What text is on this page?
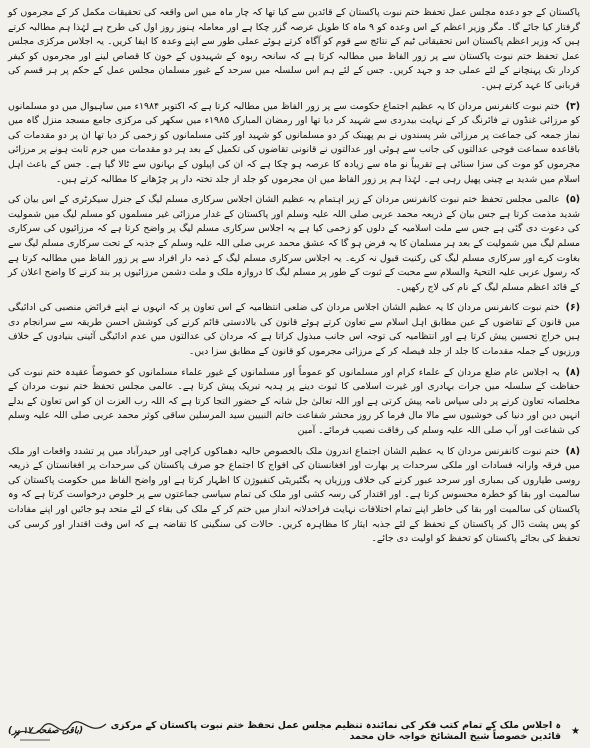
پاکستان کے جو دعدہ مجلس عمل تحفظ ختم نبوت پاکستان کے قائدین سے کیا تھا کہ چار ماہ میں اس واقعہ کی تحقیقات مکمل کر کے مجرموں کو گرفتار کیا جائے گا۔ مگر وزیر اعظم کے اس وعدہ کو ۹ ماہ کا طویل عرصہ گزر چکا ہے اور معاملہ ہنوز روز اول کی طرح ہے لہٰذا ہم مطالبہ کرتے ہیں کہ وزیر اعظم پاکستان اس تحقیقاتی ٹیم کے نتائج سے قوم کو آگاہ کرتے ہوئے عملی طور سے اپنے وعدہ کا ایفا کریں۔ یہ اجلاس مرکزی مجلس عمل تحفظ ختم نبوت پاکستان سے پر زور الفاظ میں مطالبہ کرتا ہے کہ سانحہ ربوہ کے شہیدوں کے خون کا قصاص لینے اور مجرموں کو کیفر کردار تک پہنچانے کے لئے عملی جد و جہد کریں۔ جس کے لئے ہم اس سلسلہ میں سرحد کے غیور مسلمان مجلس عمل کے حکم پر ہر قسم کی قربانی کا عہد کرتے ہیں۔

(۳)ختم نبوت کانفرنس مردان کا یہ عظیم اجتماع حکومت سے پر زور الفاظ میں مطالبہ کرتا ہے کہ اکتوبر ۱۹۸۴ء میں ساہیوال میں دو مسلمانوں کو مرزائی غنڈوں نے فائرنگ کر کے نہایت بیدردی سے شہید کر دیا تھا اور رمضان المبارک ۱۹۸۵ء میں سکھر کی مرکزی جامع مسجد منزل گاہ میں نماز جمعہ کی جماعت پر مرزائی شر پسندوں نے بم پھینک کر دو مسلمانوں کو شہید اور کئی مسلمانوں کو زخمی کر دیا تھا ان پر دو مقدمات کی باقاعدہ سماعت فوجی عدالتوں کی جانب سے ہوئی اور عدالتوں نے قانونی تقاضوں کی تکمیل کے بعد ہر دو مقدمات میں جرم ثابت ہونے پر مرزائی مجرموں کو موت کی سزا سنائی ہے تقریباً نو ماہ سے زیادہ کا عرصہ ہو چکا ہے کہ ان کی اپیلوں کے بہانوں سے ٹالا گیا ہے۔ جس کے باعث اہل اسلام میں شدید بے چینی پھیل رہی ہے۔ لہٰذا ہم پر زور الفاظ میں ان مجرموں کو جلد از جلد تختہ دار پر چڑھانے کا مطالبہ کرتے ہیں۔

(۵)عالمی مجلس تحفظ ختم نبوت کانفرنس مردان کے زیر اہتمام یہ عظیم الشان اجلاس سرکاری مسلم لیگ کے جنرل سیکرٹری کے اس بیان کی شدید مذمت کرتا ہے جس بیان کے ذریعہ محمد عربی صلی اللہ علیہ وسلم اور پاکستان کے غدار مرزائی غیر مسلموں کو مسلم لیگ میں شمولیت کی دعوت دی گئی ہے جس سے ملت اسلامیہ کے دلوں کو زخمی کیا ہے یہ اجلاس سرکاری مسلم لیگ پر واضح کرتا ہے کہ مرزائیوں کی سرکاری مسلم لیگ میں شمولیت کے بعد ہر مسلمان کا یہ فرض ہو گا کہ عشق محمد عربی صلی اللہ علیہ وسلم کے جذبہ کے تحت سرکاری مسلم لیگ سے بغاوت کرے اور سرکاری مسلم لیگ کی رکنیت قبول نہ کرے۔ یہ اجلاس سرکاری مسلم لیگ کے ذمہ دار افراد سے پر زور الفاظ میں مطالبہ کرتا ہے کہ رسول عربی علیہ التحیۃ والسلام سے محبت کے ثبوت کے طور پر مسلم لیگ کا دروازہ ملک و ملت دشمن مرزائیوں پر بند کرنے کا واضح اعلان کر کے قائد اعظم مسلم لیگ کے نام کی لاج رکھیں۔

(۶)ختم نبوت کانفرنس مردان کا یہ عظیم الشان اجلاس مردان کی ضلعی انتظامیہ کے اس تعاون پر کہ انہوں نے اپنے فرائض منصبی کی ادائیگی میں قانون کے تقاضوں کے عین مطابق اہل اسلام سے تعاون کرتے ہوئے قانون کی بالادستی قائم کرنے کی کوشش احسن طریقہ سے سرانجام دی ہیں خراج تحسین پیش کرتا ہے اور انتظامیہ کی توجہ اس جانب مبذول کراتا ہے کہ مردان کی عدالتوں میں عدم ادائیگی آئینی بنیادوں کے خلاف ورزیوں کے جملہ مقدمات کا جلد از جلد فیصلہ کر کے مرزائی مجرموں کو قانون کے مطابق سزا دیں۔

(۸)یہ اجلاس عام ضلع مردان کے علماء کرام اور مسلمانوں کو عموماً اور مسلمانوں کے غیور علماء مسلمانوں کو خصوصاً عقیدہ ختم نبوت کی حفاظت کے سلسلہ میں جرات بہادری اور غیرت اسلامی کا ثبوت دینے پر ہدیہ تبریک پیش کرتا ہے۔ عالمی مجلس تحفظ ختم نبوت مردان کے مخلصانہ تعاون کرنے پر دلی سپاس نامہ پیش کرتی ہے اور اللہ تعالیٰ جل شانہ کے حضور التجا کرتا ہے کہ اللہ رب العزت ان کو اس تعاون کے بدلے انہیں دین اور دنیا کی خوشیوں سے مالا مال فرما کر روز محشر شفاعت خاتم النبیین سید المرسلین ساقی کوثر محمد عربی صلی اللہ علیہ وسلم کی شفاعت اور آپ صلی اللہ علیہ وسلم کی رفاقت نصیب فرمائے۔ آمین

(۸)ختم نبوت کانفرنس مردان کا یہ عظیم الشان اجتماع اندرون ملک بالخصوص حالیہ دھماکوں کراچی اور حیدرآباد میں پر تشدد واقعات اور ملک میں فرقہ وارانہ فسادات اور ملکی سرحدات پر بھارت اور افغانستان کی افواج کا اجتماع جو صرف پاکستان کی سرحدات پر افغانستان کے ذریعہ روسی طیاروں کی بمباری اور سرحد عبور کرنے کی خلاف ورزیاں پہ بگٹیریٹی کنفیوژن کا اظہار کرتا ہے اور واضح الفاظ میں حکومت پاکستان کی سالمیت اور بقا کو خطرہ محسوس کرتا ہے۔ اور اقتدار کی رسہ کشی اور ملک کی تمام سیاسی جماعتوں سے پر خلوص درخواست کرتا ہے کہ وہ پاکستان کی سالمیت اور بقا کی خاطر اپنے تمام اختلافات نہایت فراخدلانہ انداز میں ختم کر کے ملک کی بقاء کے لئے متحد ہو جائیں اور اپنے مفادات کو پس پشت ڈال کر پاکستان کے تحفظ کے لئے جذبہ ایثار کا مظاہرہ کریں۔ حالات کی سنگینی کا تقاضہ ہے کہ اس وقت اقتدار اور کرسی کی تحفظ کی بجائے پاکستان کو تحفظ کو اولیت دی جائے۔

★
ہ اجلاس ملک کے تمام کتب فکر کی نمائندہ تنظیم مجلس عمل تحفظ ختم نبوت پاکستان کے مرکزی قائدین خصوصاً شیخ المشائخ خواجہ خان محمد
(باقی صفحہ ۱۷ پر)
